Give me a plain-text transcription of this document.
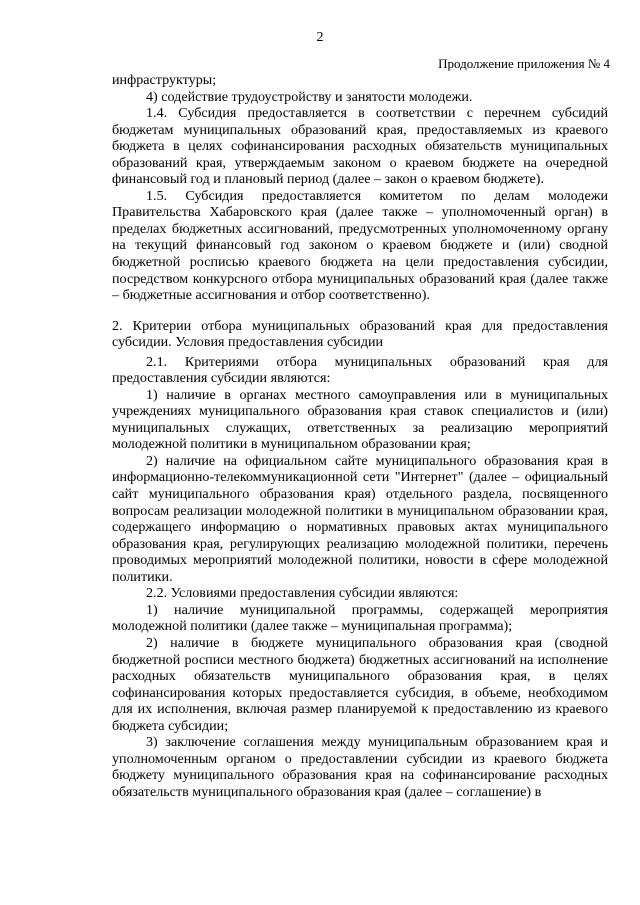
2
Продолжение приложения № 4

инфраструктуры;

4) содействие трудоустройству и занятости молодежи.

1.4. Субсидия предоставляется в соответствии с перечнем субсидий бюджетам муниципальных образований края, предоставляемых из краевого бюджета в целях софинансирования расходных обязательств муниципальных образований края, утверждаемым законом о краевом бюджете на очередной финансовый год и плановый период (далее – закон о краевом бюджете).

1.5. Субсидия предоставляется комитетом по делам молодежи Правительства Хабаровского края (далее также – уполномоченный орган) в пределах бюджетных ассигнований, предусмотренных уполномоченному органу на текущий финансовый год законом о краевом бюджете и (или) сводной бюджетной росписью краевого бюджета на цели предоставления субсидии, посредством конкурсного отбора муниципальных образований края (далее также – бюджетные ассигнования и отбор соответственно).

2. Критерии отбора муниципальных образований края для предоставления субсидии. Условия предоставления субсидии

2.1. Критериями отбора муниципальных образований края для предоставления субсидии являются:

1) наличие в органах местного самоуправления или в муниципальных учреждениях муниципального образования края ставок специалистов и (или) муниципальных служащих, ответственных за реализацию мероприятий молодежной политики в муниципальном образовании края;

2) наличие на официальном сайте муниципального образования края в информационно-телекоммуникационной сети "Интернет" (далее – официальный сайт муниципального образования края) отдельного раздела, посвященного вопросам реализации молодежной политики в муниципальном образовании края, содержащего информацию о нормативных правовых актах муниципального образования края, регулирующих реализацию молодежной политики, перечень проводимых мероприятий молодежной политики, новости в сфере молодежной политики.

2.2. Условиями предоставления субсидии являются:

1) наличие муниципальной программы, содержащей мероприятия молодежной политики (далее также – муниципальная программа);

2) наличие в бюджете муниципального образования края (сводной бюджетной росписи местного бюджета) бюджетных ассигнований на исполнение расходных обязательств муниципального образования края, в целях софинансирования которых предоставляется субсидия, в объеме, необходимом для их исполнения, включая размер планируемой к предоставлению из краевого бюджета субсидии;

3) заключение соглашения между муниципальным образованием края и уполномоченным органом о предоставлении субсидии из краевого бюджета бюджету муниципального образования края на софинансирование расходных обязательств муниципального образования края (далее – соглашение) в
